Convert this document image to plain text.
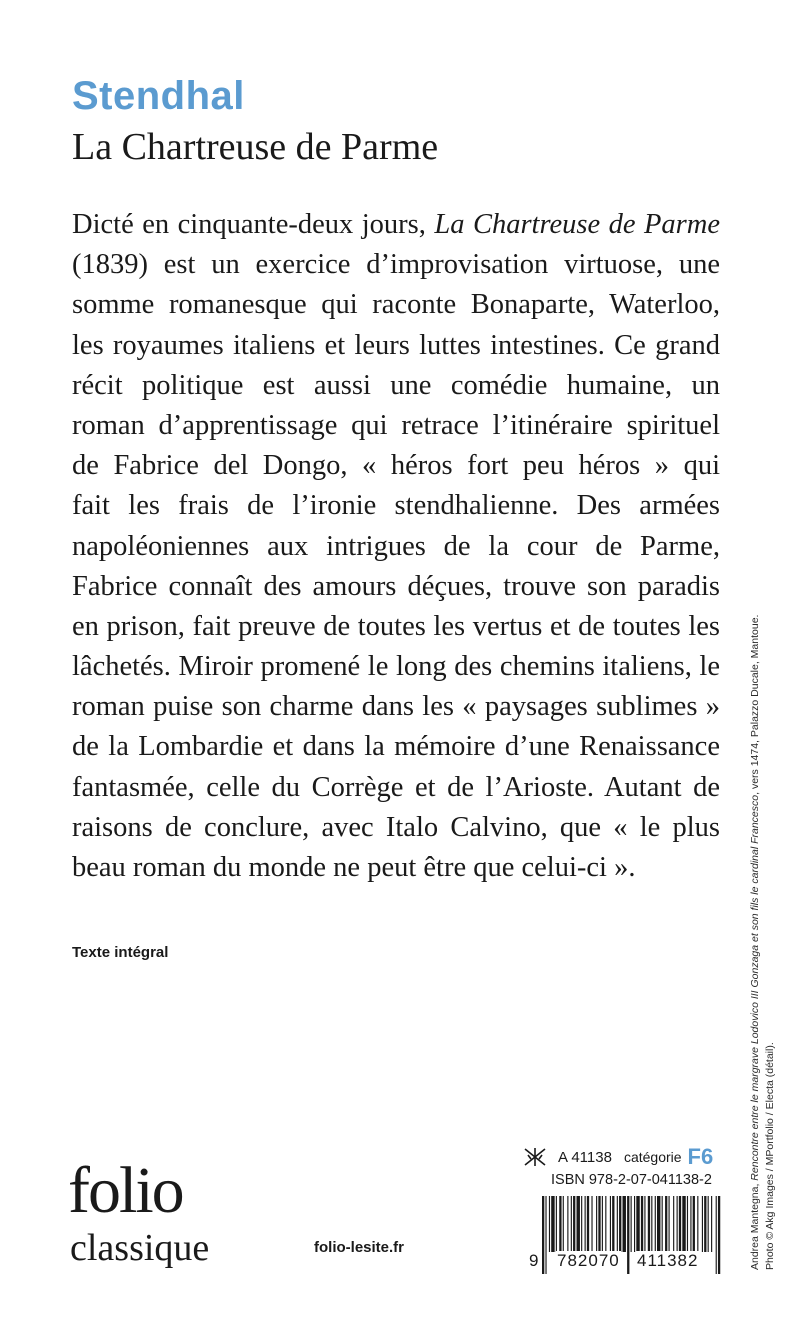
Stendhal
La Chartreuse de Parme
Dicté en cinquante-deux jours, La Chartreuse de Parme
(1839) est un exercice d’improvisation virtuose, une
somme romanesque qui raconte Bonaparte, Waterloo,
les royaumes italiens et leurs luttes intestines. Ce grand
récit politique est aussi une comédie humaine, un
roman d’apprentissage qui retrace l’itinéraire spirituel
de Fabrice del Dongo, « héros fort peu héros » qui
fait les frais de l’ironie stendhalienne. Des armées
napoléoniennes aux intrigues de la cour de Parme,
Fabrice connaît des amours déçues, trouve son paradis
en prison, fait preuve de toutes les vertus et de toutes les
lâchetés. Miroir promené le long des chemins italiens, le
roman puise son charme dans les « paysages sublimes »
de la Lombardie et dans la mémoire d’une Renaissance
fantasmée, celle du Corrège et de l’Arioste. Autant de
raisons de conclure, avec Italo Calvino, que « le plus
beau roman du monde ne peut être que celui-ci ».
Texte intégral
Andrea Mantegna, Rencontre entre le margrave Lodovico III Gonzaga et son fils le cardinal Francesco, vers 1474, Palazzo Ducale, Mantoue.
Photo © Akg Images / MPortfolio / Electa (détail).
folio
classique	folio-lesite.fr
A 41138 catégorie F6
ISBN 978-2-07-041138-2
9 782070 411382
